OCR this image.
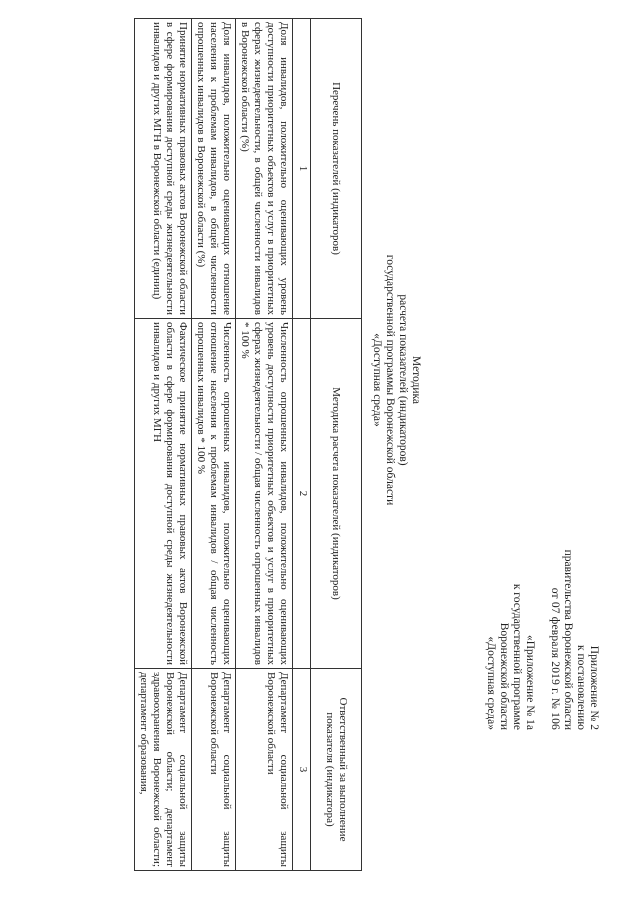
Приложение № 2
к постановлению
правительства Воронежской области
от 07 февраля 2019 г. № 106
«Приложение № 1а
к государственной программе
Воронежской области
«Доступная среда»
Методика
расчета показателей (индикаторов)
государственной программы Воронежской области
«Доступная среда»
Перечень показателей (индикаторов)	Методика расчета показателей (индикаторов)	Ответственный за выполнение показателя (индикатора)
1	2	3
Доля инвалидов, положительно оценивающих уровень доступности приоритетных объектов и услуг в приоритетных сферах жизнедеятельности, в общей численности инвалидов в Воронежской области (%)	Численность опрошенных инвалидов, положительно оценивающих уровень доступности приоритетных объектов и услуг в приоритетных сферах жизнедеятельности / общая численность опрошенных инвалидов * 100 %	Департамент социальной защиты Воронежской области
Доля инвалидов, положительно оценивающих отношение населения к проблемам инвалидов, в общей численности опрошенных инвалидов в Воронежской области (%)	Численность опрошенных инвалидов, положительно оценивающих отношение населения к проблемам инвалидов / общая численность опрошенных инвалидов * 100 %	Департамент социальной защиты Воронежской области
Принятие нормативных правовых актов Воронежской области в сфере формирования доступной среды жизнедеятельности инвалидов и других МГН в Воронежской области (единиц)	Фактическое принятие нормативных правовых актов Воронежской области в сфере формирования доступной среды жизнедеятельности инвалидов и других МГН	Департамент социальной защиты Воронежской области; департамент здравоохранения Воронежской области; департамент образования,
